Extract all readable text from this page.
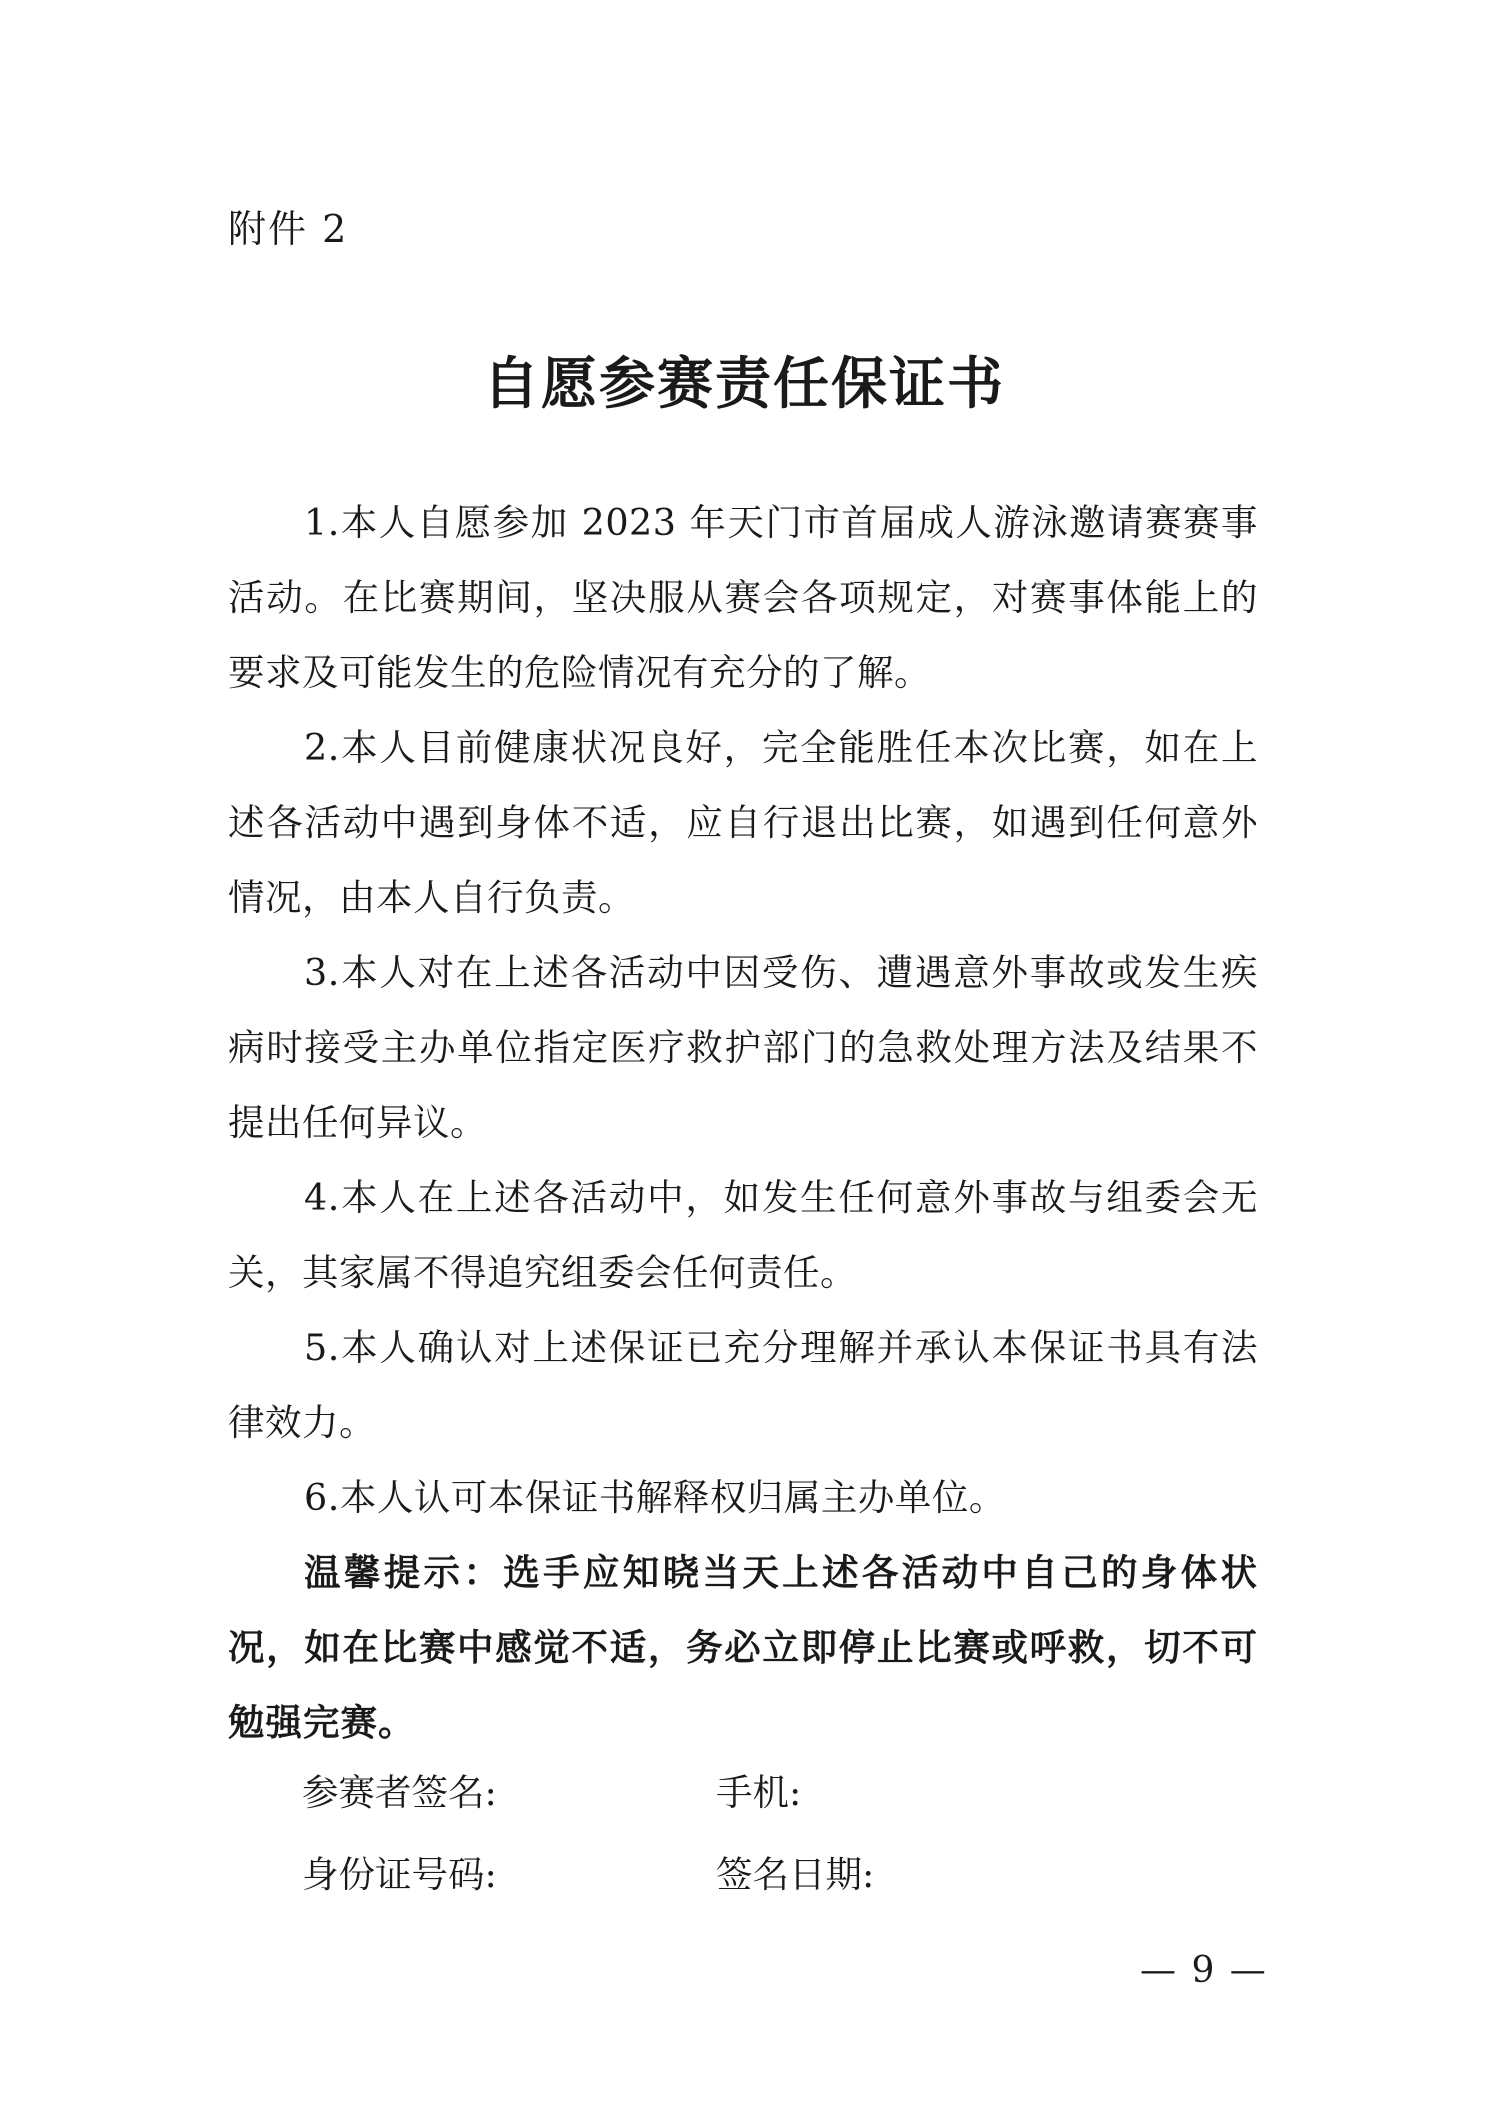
附件 2
自愿参赛责任保证书

1.本人自愿参加 2023 年天门市首届成人游泳邀请赛赛事活动。在比赛期间，坚决服从赛会各项规定，对赛事体能上的要求及可能发生的危险情况有充分的了解。

2.本人目前健康状况良好，完全能胜任本次比赛，如在上述各活动中遇到身体不适，应自行退出比赛，如遇到任何意外情况，由本人自行负责。

3.本人对在上述各活动中因受伤、遭遇意外事故或发生疾病时接受主办单位指定医疗救护部门的急救处理方法及结果不提出任何异议。

4.本人在上述各活动中，如发生任何意外事故与组委会无关，其家属不得追究组委会任何责任。

5.本人确认对上述保证已充分理解并承认本保证书具有法律效力。

6.本人认可本保证书解释权归属主办单位。

温馨提示：选手应知晓当天上述各活动中自己的身体状况，如在比赛中感觉不适，务必立即停止比赛或呼救，切不可勉强完赛。

参赛者签名:	手机:
身份证号码:	签名日期:
— 9 —
